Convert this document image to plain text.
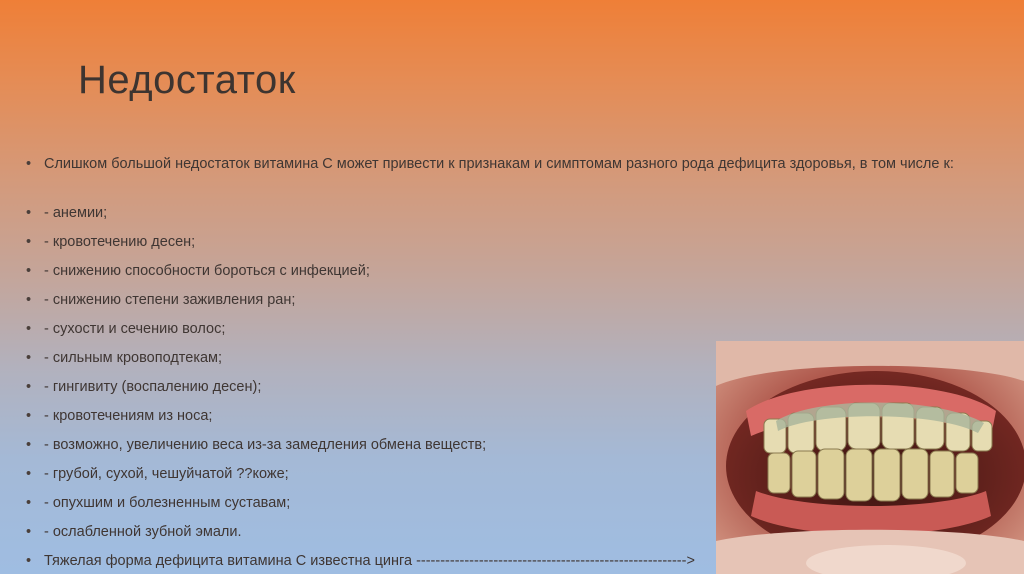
Недостаток
• Слишком большой недостаток витамина С может привести к признакам и симптомам разного рода дефицита здоровья, в том числе к:
• - анемии;
• - кровотечению десен;
• - снижению способности бороться с инфекцией;
• - снижению степени заживления ран;
• - сухости и сечению волос;
• - сильным кровоподтекам;
• - гингивиту (воспалению десен);
• - кровотечениям из носа;
• - возможно, увеличению веса из-за замедления обмена веществ;
• - грубой, сухой, чешуйчатой ??коже;
• - опухшим и болезненным суставам;
• - ослабленной зубной эмали.
• Тяжелая форма дефицита витамина С известна цинга -------------------------------------------------------->
